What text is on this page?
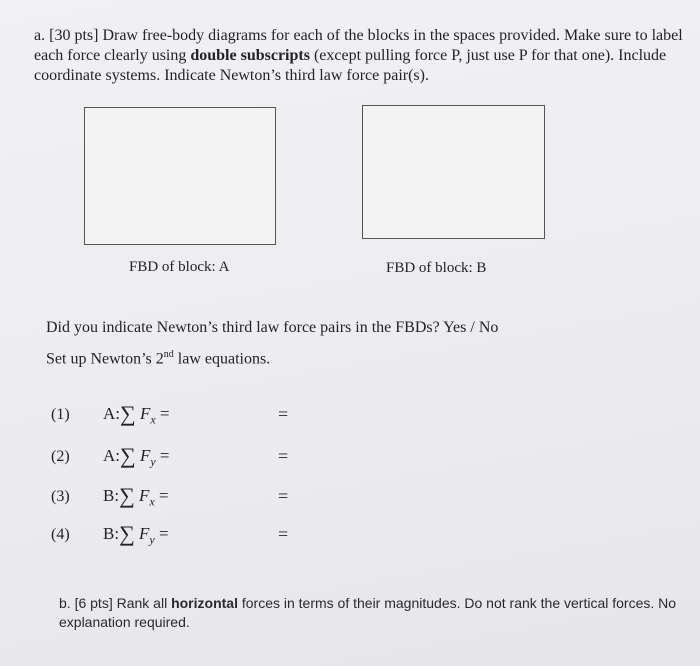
a. [30 pts] Draw free-body diagrams for each of the blocks in the spaces provided. Make sure to label each force clearly using double subscripts (except pulling force P, just use P for that one). Include coordinate systems. Indicate Newton’s third law force pair(s).
FBD of block: A	FBD of block: B
Did you indicate Newton’s third law force pairs in the FBDs? Yes / No
Set up Newton’s 2nd law equations.
(1) A:∑ $F_x$ =	=
(2) A:∑ $F_y$ =	=
(3) B:∑ $F_x$ =	=
(4) B:∑ $F_y$ =	=
b. [6 pts] Rank all horizontal forces in terms of their magnitudes. Do not rank the vertical forces. No explanation required.
